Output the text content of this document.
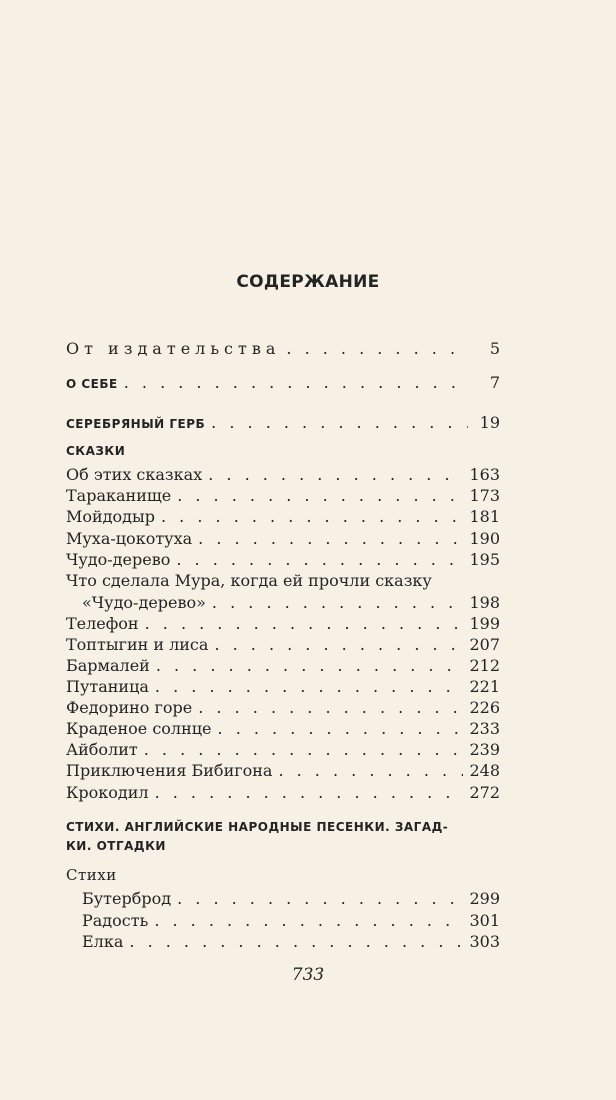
СОДЕРЖАНИЕ
От издательства . . .	5
О СЕБЕ . . .	7
СЕРЕБРЯНЫЙ ГЕРБ . . .	19
СКАЗКИ
Об этих сказках . . .	163
Тараканище . . .	173
Мойдодыр . . .	181
Муха-цокотуха . . .	190
Чудо-дерево . . .	195
Что сделала Мура, когда ей прочли сказку
«Чудо-дерево» . . .	198
Телефон . . .	199
Топтыгин и лиса . . .	207
Бармалей . . .	212
Путаница . . .	221
Федорино горе . . .	226
Краденое солнце . . .	233
Айболит . . .	239
Приключения Бибигона . . .	248
Крокодил . . .	272
СТИХИ. АНГЛИЙСКИЕ НАРОДНЫЕ ПЕСЕНКИ. ЗАГАД-
КИ. ОТГАДКИ
Стихи
Бутерброд . . .	299
Радость . . .	301
Елка . . .	303
733
